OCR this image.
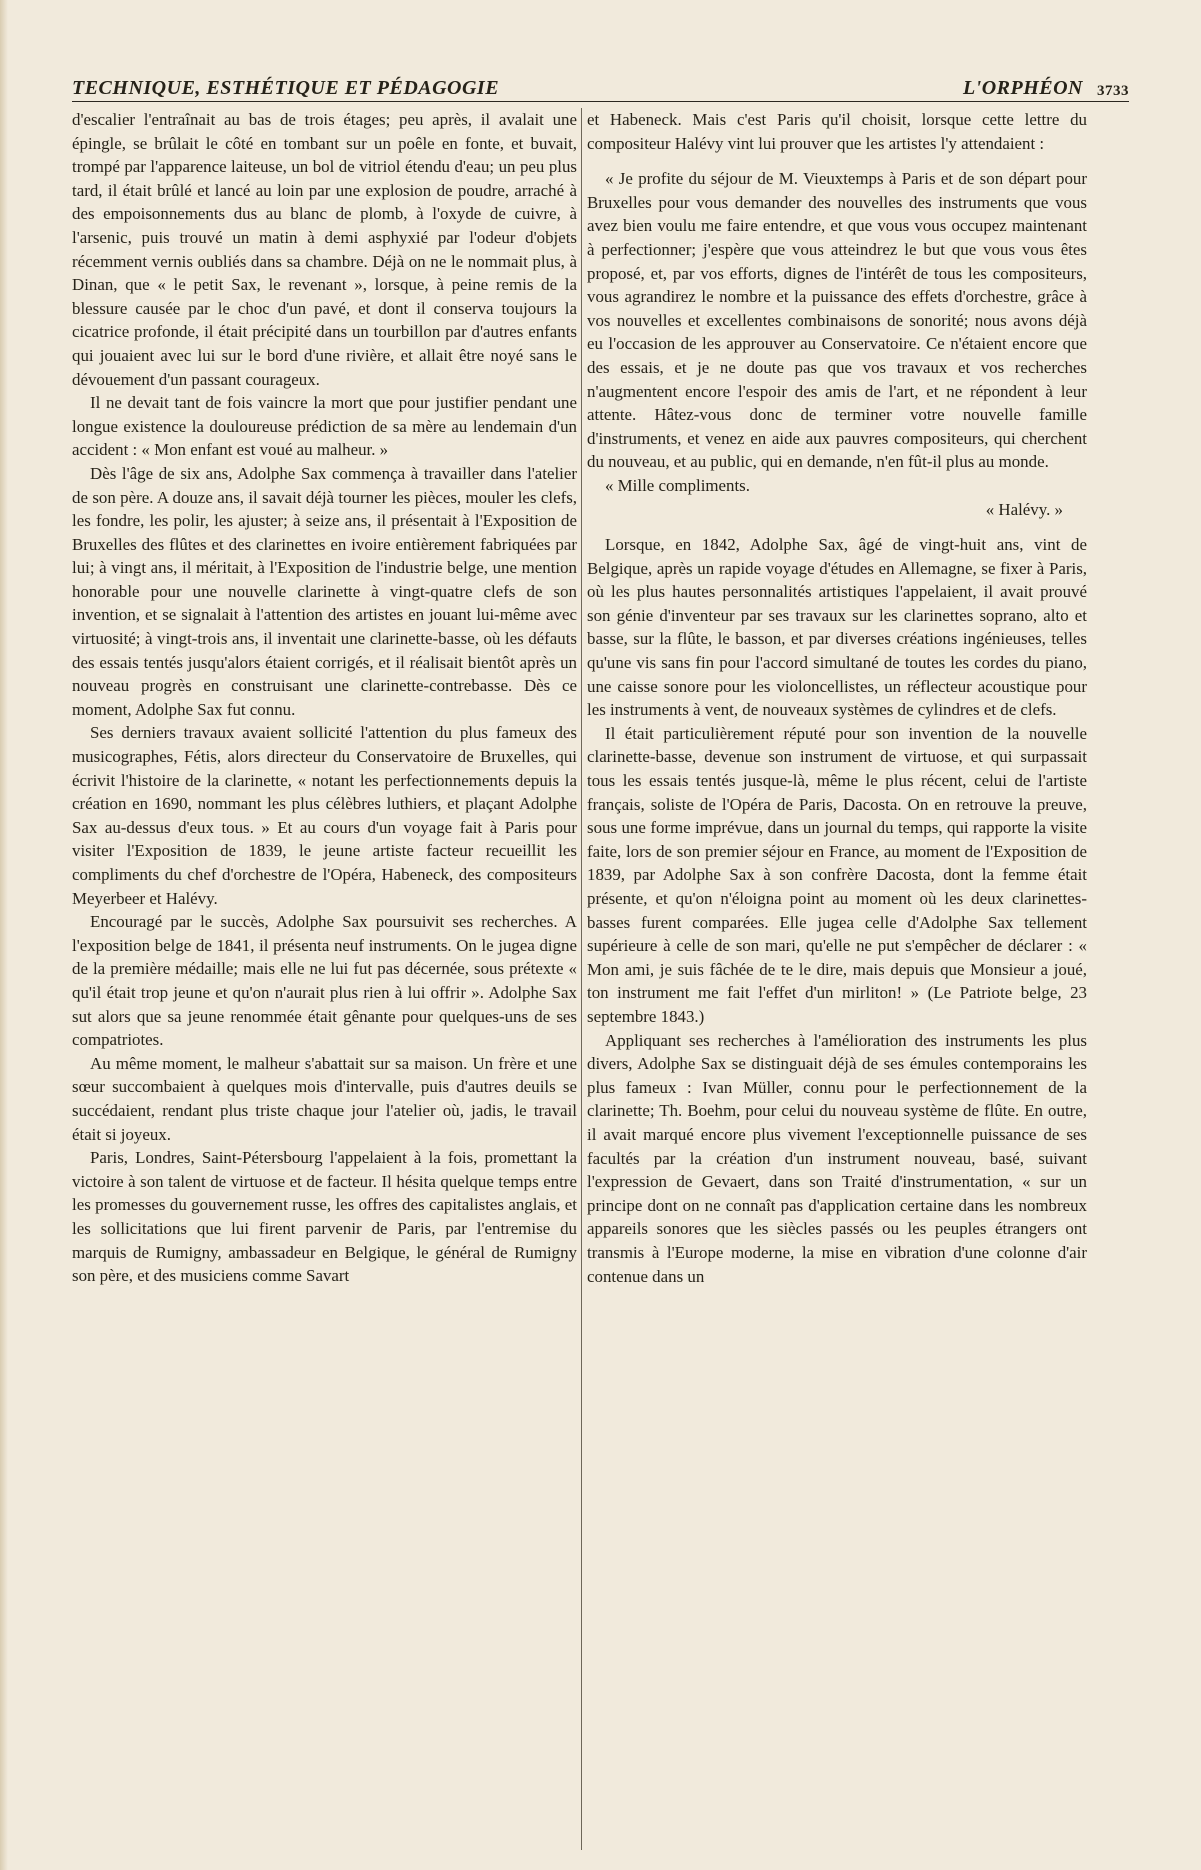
TECHNIQUE, ESTHÉTIQUE ET PÉDAGOGIE	L'ORPHÉON 3733

d'escalier l'entraînait au bas de trois étages; peu après, il avalait une épingle, se brûlait le côté en tombant sur un poêle en fonte, et buvait, trompé par l'apparence laiteuse, un bol de vitriol étendu d'eau; un peu plus tard, il était brûlé et lancé au loin par une explosion de poudre, arraché à des empoisonnements dus au blanc de plomb, à l'oxyde de cuivre, à l'arsenic, puis trouvé un matin à demi asphyxié par l'odeur d'objets récemment vernis oubliés dans sa chambre. Déjà on ne le nommait plus, à Dinan, que « le petit Sax, le revenant », lorsque, à peine remis de la blessure causée par le choc d'un pavé, et dont il conserva toujours la cicatrice profonde, il était précipité dans un tourbillon par d'autres enfants qui jouaient avec lui sur le bord d'une rivière, et allait être noyé sans le dévouement d'un passant courageux.

Il ne devait tant de fois vaincre la mort que pour justifier pendant une longue existence la douloureuse prédiction de sa mère au lendemain d'un accident : « Mon enfant est voué au malheur. »

Dès l'âge de six ans, Adolphe Sax commença à travailler dans l'atelier de son père. A douze ans, il savait déjà tourner les pièces, mouler les clefs, les fondre, les polir, les ajuster; à seize ans, il présentait à l'Exposition de Bruxelles des flûtes et des clarinettes en ivoire entièrement fabriquées par lui; à vingt ans, il méritait, à l'Exposition de l'industrie belge, une mention honorable pour une nouvelle clarinette à vingt-quatre clefs de son invention, et se signalait à l'attention des artistes en jouant lui-même avec virtuosité; à vingt-trois ans, il inventait une clarinette-basse, où les défauts des essais tentés jusqu'alors étaient corrigés, et il réalisait bientôt après un nouveau progrès en construisant une clarinette-contrebasse. Dès ce moment, Adolphe Sax fut connu.

Ses derniers travaux avaient sollicité l'attention du plus fameux des musicographes, Fétis, alors directeur du Conservatoire de Bruxelles, qui écrivit l'histoire de la clarinette, « notant les perfectionnements depuis la création en 1690, nommant les plus célèbres luthiers, et plaçant Adolphe Sax au-dessus d'eux tous. » Et au cours d'un voyage fait à Paris pour visiter l'Exposition de 1839, le jeune artiste facteur recueillit les compliments du chef d'orchestre de l'Opéra, Habeneck, des compositeurs Meyerbeer et Halévy.

Encouragé par le succès, Adolphe Sax poursuivit ses recherches. A l'exposition belge de 1841, il présenta neuf instruments. On le jugea digne de la première médaille; mais elle ne lui fut pas décernée, sous prétexte « qu'il était trop jeune et qu'on n'aurait plus rien à lui offrir ». Adolphe Sax sut alors que sa jeune renommée était gênante pour quelques-uns de ses compatriotes.

Au même moment, le malheur s'abattait sur sa maison. Un frère et une sœur succombaient à quelques mois d'intervalle, puis d'autres deuils se succédaient, rendant plus triste chaque jour l'atelier où, jadis, le travail était si joyeux.

Paris, Londres, Saint-Pétersbourg l'appelaient à la fois, promettant la victoire à son talent de virtuose et de facteur. Il hésita quelque temps entre les promesses du gouvernement russe, les offres des capitalistes anglais, et les sollicitations que lui firent parvenir de Paris, par l'entremise du marquis de Rumigny, ambassadeur en Belgique, le général de Rumigny son père, et des musiciens comme Savart

et Habeneck. Mais c'est Paris qu'il choisit, lorsque cette lettre du compositeur Halévy vint lui prouver que les artistes l'y attendaient :

« Je profite du séjour de M. Vieuxtemps à Paris et de son départ pour Bruxelles pour vous demander des nouvelles des instruments que vous avez bien voulu me faire entendre, et que vous vous occupez maintenant à perfectionner; j'espère que vous atteindrez le but que vous vous êtes proposé, et, par vos efforts, dignes de l'intérêt de tous les compositeurs, vous agrandirez le nombre et la puissance des effets d'orchestre, grâce à vos nouvelles et excellentes combinaisons de sonorité; nous avons déjà eu l'occasion de les approuver au Conservatoire. Ce n'étaient encore que des essais, et je ne doute pas que vos travaux et vos recherches n'augmentent encore l'espoir des amis de l'art, et ne répondent à leur attente. Hâtez-vous donc de terminer votre nouvelle famille d'instruments, et venez en aide aux pauvres compositeurs, qui cherchent du nouveau, et au public, qui en demande, n'en fût-il plus au monde.

« Mille compliments.

« Halévy. »

Lorsque, en 1842, Adolphe Sax, âgé de vingt-huit ans, vint de Belgique, après un rapide voyage d'études en Allemagne, se fixer à Paris, où les plus hautes personnalités artistiques l'appelaient, il avait prouvé son génie d'inventeur par ses travaux sur les clarinettes soprano, alto et basse, sur la flûte, le basson, et par diverses créations ingénieuses, telles qu'une vis sans fin pour l'accord simultané de toutes les cordes du piano, une caisse sonore pour les violoncellistes, un réflecteur acoustique pour les instruments à vent, de nouveaux systèmes de cylindres et de clefs.

Il était particulièrement réputé pour son invention de la nouvelle clarinette-basse, devenue son instrument de virtuose, et qui surpassait tous les essais tentés jusque-là, même le plus récent, celui de l'artiste français, soliste de l'Opéra de Paris, Dacosta. On en retrouve la preuve, sous une forme imprévue, dans un journal du temps, qui rapporte la visite faite, lors de son premier séjour en France, au moment de l'Exposition de 1839, par Adolphe Sax à son confrère Dacosta, dont la femme était présente, et qu'on n'éloigna point au moment où les deux clarinettes-basses furent comparées. Elle jugea celle d'Adolphe Sax tellement supérieure à celle de son mari, qu'elle ne put s'empêcher de déclarer : « Mon ami, je suis fâchée de te le dire, mais depuis que Monsieur a joué, ton instrument me fait l'effet d'un mirliton! » (Le Patriote belge, 23 septembre 1843.)

Appliquant ses recherches à l'amélioration des instruments les plus divers, Adolphe Sax se distinguait déjà de ses émules contemporains les plus fameux : Ivan Müller, connu pour le perfectionnement de la clarinette; Th. Boehm, pour celui du nouveau système de flûte. En outre, il avait marqué encore plus vivement l'exceptionnelle puissance de ses facultés par la création d'un instrument nouveau, basé, suivant l'expression de Gevaert, dans son Traité d'instrumentation, « sur un principe dont on ne connaît pas d'application certaine dans les nombreux appareils sonores que les siècles passés ou les peuples étrangers ont transmis à l'Europe moderne, la mise en vibration d'une colonne d'air contenue dans un
